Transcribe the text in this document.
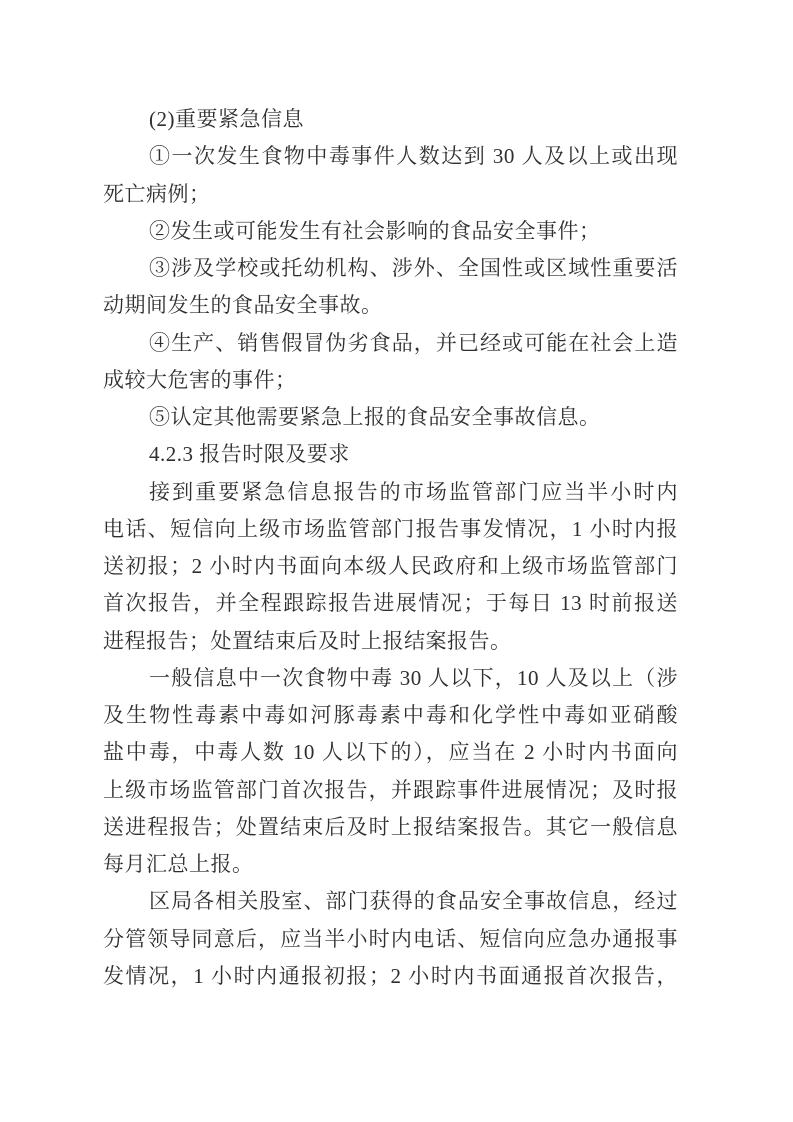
(2)重要紧急信息
①一次发生食物中毒事件人数达到 30 人及以上或出现
死亡病例；
②发生或可能发生有社会影响的食品安全事件；
③涉及学校或托幼机构、涉外、全国性或区域性重要活
动期间发生的食品安全事故。
④生产、销售假冒伪劣食品，并已经或可能在社会上造
成较大危害的事件；
⑤认定其他需要紧急上报的食品安全事故信息。
4.2.3 报告时限及要求
接到重要紧急信息报告的市场监管部门应当半小时内
电话、短信向上级市场监管部门报告事发情况，1 小时内报
送初报；2 小时内书面向本级人民政府和上级市场监管部门
首次报告，并全程跟踪报告进展情况；于每日 13 时前报送
进程报告；处置结束后及时上报结案报告。
一般信息中一次食物中毒 30 人以下，10 人及以上（涉
及生物性毒素中毒如河豚毒素中毒和化学性中毒如亚硝酸
盐中毒，中毒人数 10 人以下的），应当在 2 小时内书面向
上级市场监管部门首次报告，并跟踪事件进展情况；及时报
送进程报告；处置结束后及时上报结案报告。其它一般信息
每月汇总上报。
区局各相关股室、部门获得的食品安全事故信息，经过
分管领导同意后，应当半小时内电话、短信向应急办通报事
发情况，1 小时内通报初报；2 小时内书面通报首次报告，
